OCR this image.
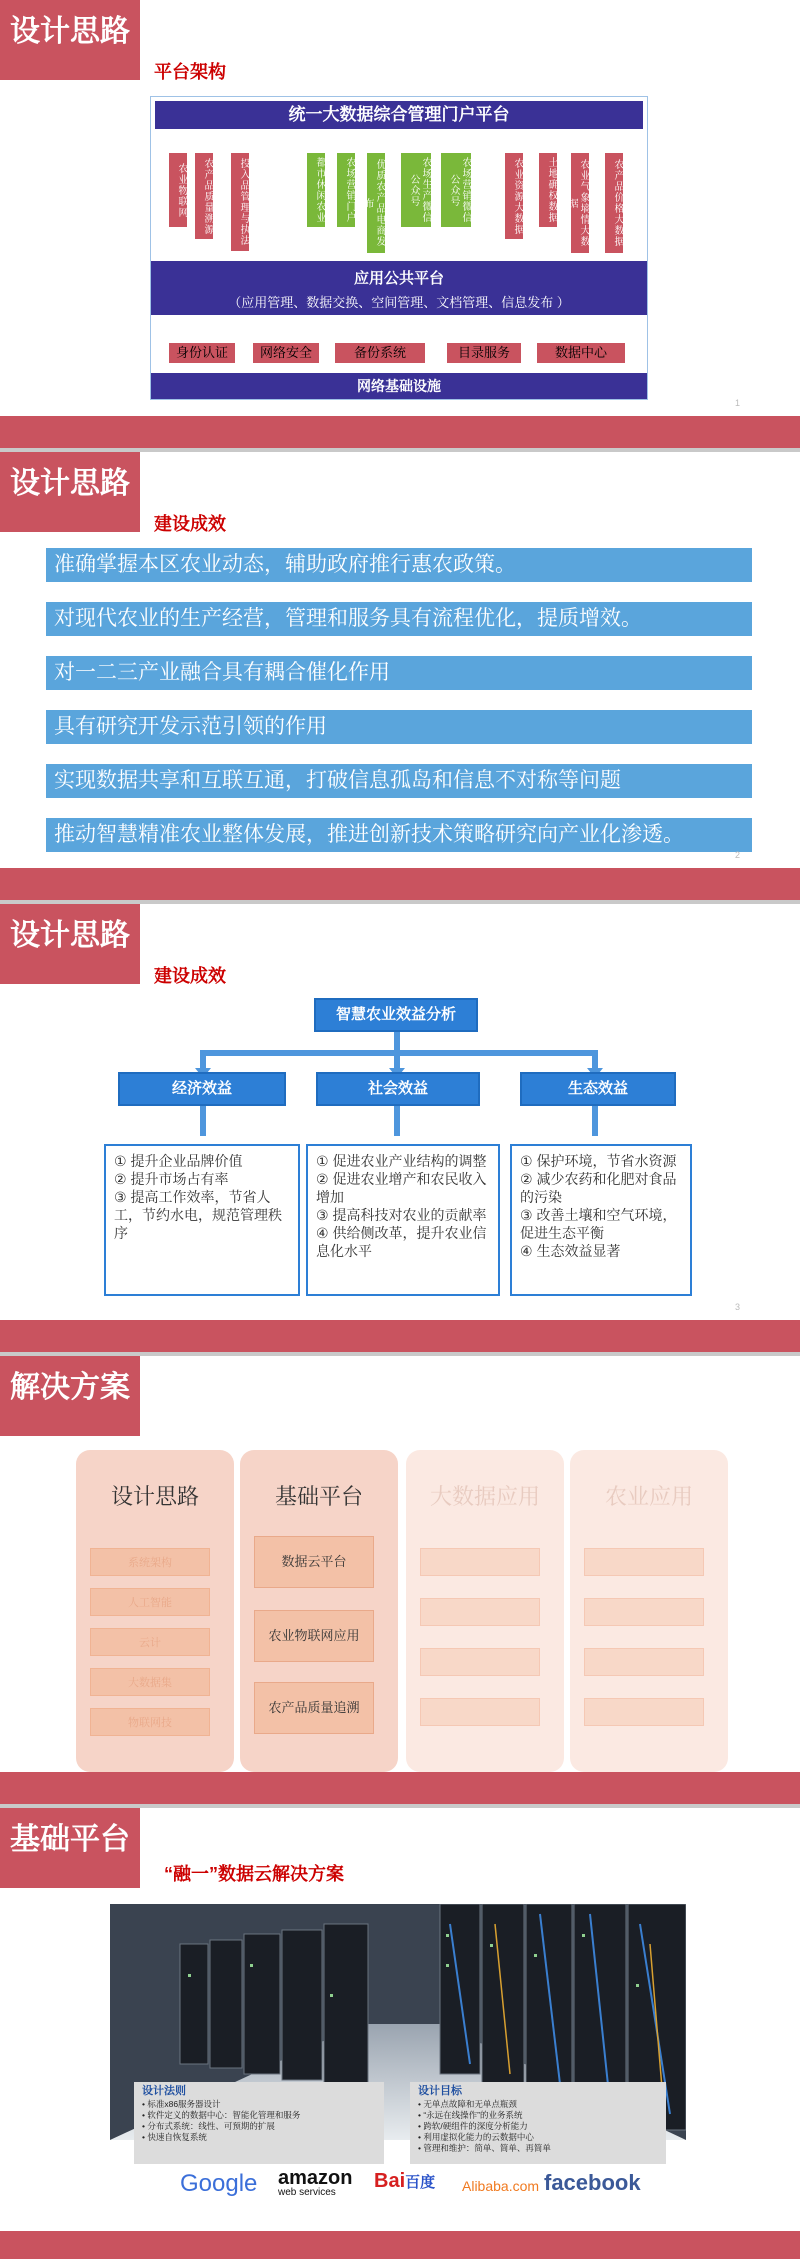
设计思路
平台架构
统一大数据综合管理门户平台
农业物联网	农产品质量溯源	投入品管理与执法	都市休闲农业	农场营销门户	优质农产品电商发布	农场生产微信公众号	农场营销微信公众号	农业资源大数据	土地确权数据	农业气象墒情大数据	农产品价格大数据
应用公共平台
（应用管理、数据交换、空间管理、文档管理、信息发布 ）
身份认证	网络安全	备份系统	目录服务	数据中心
网络基础设施
1
设计思路
建设成效
准确掌握本区农业动态，辅助政府推行惠农政策。
对现代农业的生产经营，管理和服务具有流程优化，提质增效。
对一二三产业融合具有耦合催化作用
具有研究开发示范引领的作用
实现数据共享和互联互通，打破信息孤岛和信息不对称等问题
推动智慧精准农业整体发展，推进创新技术策略研究向产业化渗透。
2
设计思路
建设成效
智慧农业效益分析
经济效益	社会效益	生态效益
① 提升企业品牌价值
② 提升市场占有率
③ 提高工作效率，节省人工，节约水电，规范管理秩序
① 促进农业产业结构的调整
② 促进农业增产和农民收入增加
③ 提高科技对农业的贡献率
④ 供给侧改革，提升农业信息化水平
① 保护环境，节省水资源
② 减少农药和化肥对食品的污染
③ 改善土壤和空气环境，促进生态平衡
④ 生态效益显著
3
解决方案
设计思路
系统架构
人工智能
云计
大数据集
物联网技
基础平台
数据云平台
农业物联网应用
农产品质量追溯
大数据应用	农业应用
基础平台
“融一”数据云解决方案
设计法则
• 标准x86服务器设计
• 软件定义的数据中心：智能化管理和服务
• 分布式系统：线性、可预期的扩展
• 快速自恢复系统
设计目标
• 无单点故障和无单点瓶颈
• “永远在线操作”的业务系统
• 跨软/硬组件的深度分析能力
• 利用虚拟化能力的云数据中心
• 管理和维护：简单、简单、再简单
Google amazon
web services
Bai百度 Alibaba.com facebook
